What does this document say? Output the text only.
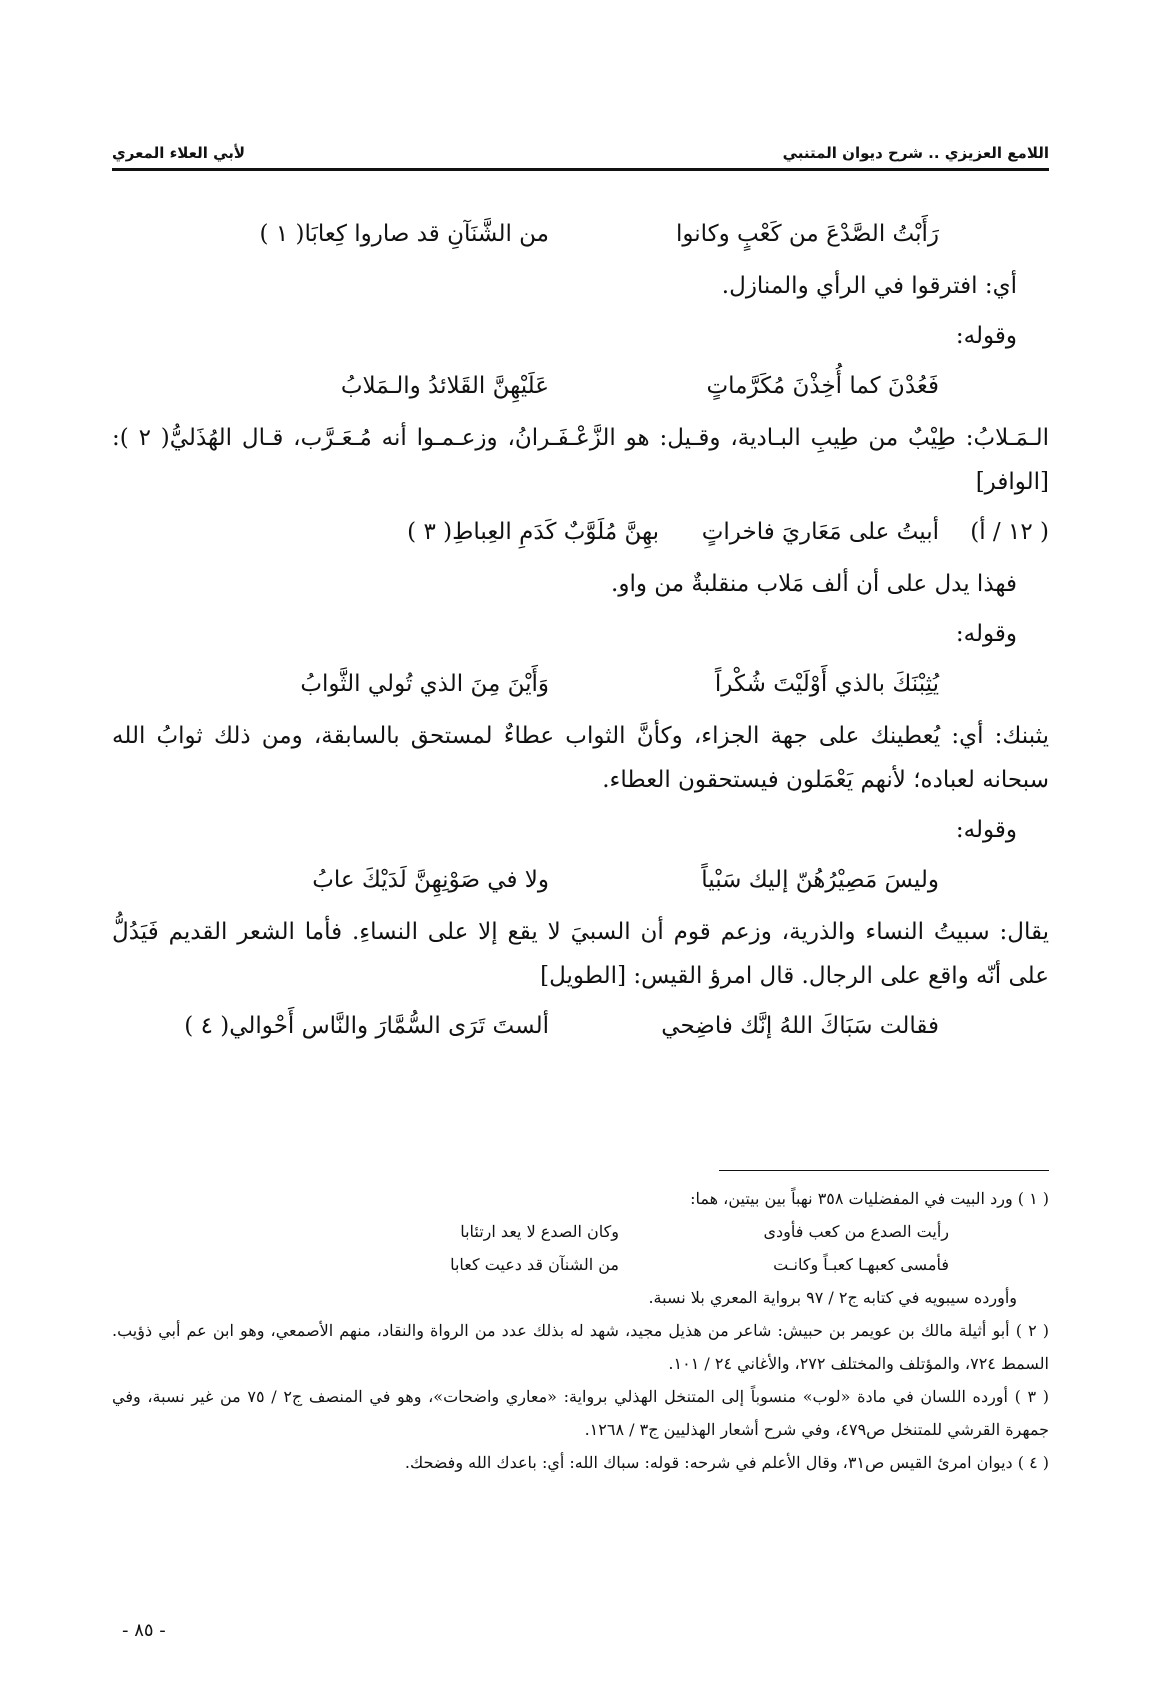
اللامع العزيزي .. شرح ديوان المتنبي
لأبي العلاء المعري
رَأَبْتُ الصَّدْعَ من كَعْبٍ وكانوا
من الشَّنَآنِ قد صاروا كِعابَا( ١ )

أي: افترقوا في الرأي والمنازل.

وقوله:

فَعُدْنَ كما أُخِذْنَ مُكَرَّماتٍ
عَلَيْهِنَّ القَلائدُ والـمَلابُ

الـمَـلابُ: طِيْبٌ من طِيبِ البـادية، وقـيل: هو الزَّعْـفَـرانُ، وزعـمـوا أنه مُـعَـرَّب، قـال الهُذَليُّ( ٢ ): [الوافر]

( ١٢ / أ)
أبيتُ على مَعَاريَ فاخراتٍ
بهِنَّ مُلَوَّبٌ كَدَمِ العِباطِ( ٣ )

فهذا يدل على أن ألف مَلاب منقلبةٌ من واو.

وقوله:

يُثِبْنَكَ بالذي أَوْلَيْتَ شُكْراً
وَأَيْنَ مِنَ الذي تُولي الثَّوابُ

يثبنك: أي: يُعطينك على جهة الجزاء، وكأنَّ الثواب عطاءٌ لمستحق بالسابقة، ومن ذلك ثوابُ الله سبحانه لعباده؛ لأنهم يَعْمَلون فيستحقون العطاء.

وقوله:

وليسَ مَصِيْرُهُنّ إليك سَبْياً
ولا في صَوْنِهِنَّ لَدَيْكَ عابُ

يقال: سبيتُ النساء والذرية، وزعم قوم أن السبيَ لا يقع إلا على النساءِ. فأما الشعر القديم فَيَدُلُّ على أنّه واقع على الرجال. قال امرؤ القيس: [الطويل]

فقالت سَبَاكَ اللهُ إنَّك فاضِحي
ألستَ تَرَى السُّمَّارَ والنَّاس أَحْوالي( ٤ )

( ١ ) ورد البيت في المفضليات ٣٥٨ نهباً بين بيتين، هما:

رأيت الصدع من كعب فأودى
وكان الصدع لا يعد ارتئابا
فأمسى كعبهـا كعبـاً وكانـت
من الشنآن قد دعيت كعابا

وأورده سيبويه في كتابه ج٢ / ٩٧ برواية المعري بلا نسبة.

( ٢ ) أبو أثيلة مالك بن عويمر بن حبيش: شاعر من هذيل مجيد، شهد له بذلك عدد من الرواة والنقاد، منهم الأصمعي، وهو ابن عم أبي ذؤيب. السمط ٧٢٤، والمؤتلف والمختلف ٢٧٢، والأغاني ٢٤ / ١٠١.

( ٣ ) أورده اللسان في مادة «لوب» منسوباً إلى المتنخل الهذلي برواية: «معاري واضحات»، وهو في المنصف ج٢ / ٧٥ من غير نسبة، وفي جمهرة القرشي للمتنخل ص٤٧٩، وفي شرح أشعار الهذليين ج٣ / ١٢٦٨.

( ٤ ) ديوان امرئ القيس ص٣١، وقال الأعلم في شرحه: قوله: سباك الله: أي: باعدك الله وفضحك.

- ٨٥ -
